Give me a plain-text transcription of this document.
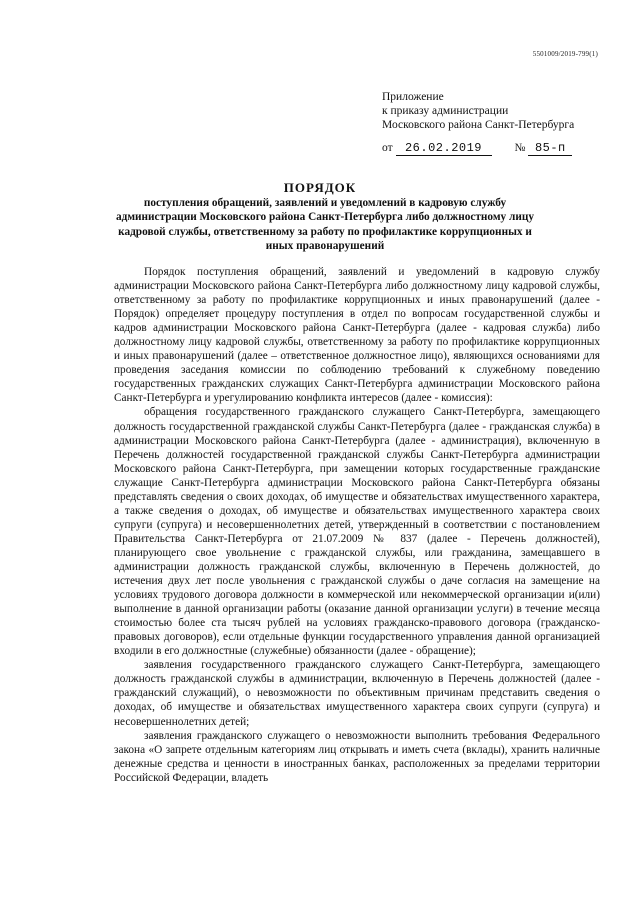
5501009/2019-799(1)
Приложение
к приказу администрации
Московского района Санкт-Петербурга
от 26.02.2019	№ 85-п
ПОРЯДОК
поступления обращений, заявлений и уведомлений в кадровую службу администрации Московского района Санкт-Петербурга либо должностному лицу кадровой службы, ответственному за работу по профилактике коррупционных и иных правонарушений

Порядок поступления обращений, заявлений и уведомлений в кадровую службу администрации Московского района Санкт-Петербурга либо должностному лицу кадровой службы, ответственному за работу по профилактике коррупционных и иных правонарушений (далее - Порядок) определяет процедуру поступления в отдел по вопросам государственной службы и кадров администрации Московского района Санкт-Петербурга (далее - кадровая служба) либо должностному лицу кадровой службы, ответственному за работу по профилактике коррупционных и иных правонарушений (далее – ответственное должностное лицо), являющихся основаниями для проведения заседания комиссии по соблюдению требований к служебному поведению государственных гражданских служащих Санкт-Петербурга администрации Московского района Санкт-Петербурга и урегулированию конфликта интересов (далее - комиссия):

обращения государственного гражданского служащего Санкт-Петербурга, замещающего должность государственной гражданской службы Санкт-Петербурга (далее - гражданская служба) в администрации Московского района Санкт-Петербурга (далее - администрация), включенную в Перечень должностей государственной гражданской службы Санкт-Петербурга администрации Московского района Санкт-Петербурга, при замещении которых государственные гражданские служащие Санкт-Петербурга администрации Московского района Санкт-Петербурга обязаны представлять сведения о своих доходах, об имуществе и обязательствах имущественного характера, а также сведения о доходах, об имуществе и обязательствах имущественного характера своих супруги (супруга) и несовершеннолетних детей, утвержденный в соответствии с постановлением Правительства Санкт-Петербурга от 21.07.2009 № 837 (далее - Перечень должностей), планирующего свое увольнение с гражданской службы, или гражданина, замещавшего в администрации должность гражданской службы, включенную в Перечень должностей, до истечения двух лет после увольнения с гражданской службы о даче согласия на замещение на условиях трудового договора должности в коммерческой или некоммерческой организации и(или) выполнение в данной организации работы (оказание данной организации услуги) в течение месяца стоимостью более ста тысяч рублей на условиях гражданско-правового договора (гражданско-правовых договоров), если отдельные функции государственного управления данной организацией входили в его должностные (служебные) обязанности (далее - обращение);

заявления государственного гражданского служащего Санкт-Петербурга, замещающего должность гражданской службы в администрации, включенную в Перечень должностей (далее - гражданский служащий), о невозможности по объективным причинам представить сведения о доходах, об имуществе и обязательствах имущественного характера своих супруги (супруга) и несовершеннолетних детей;

заявления гражданского служащего о невозможности выполнить требования Федерального закона «О запрете отдельным категориям лиц открывать и иметь счета (вклады), хранить наличные денежные средства и ценности в иностранных банках, расположенных за пределами территории Российской Федерации, владеть
